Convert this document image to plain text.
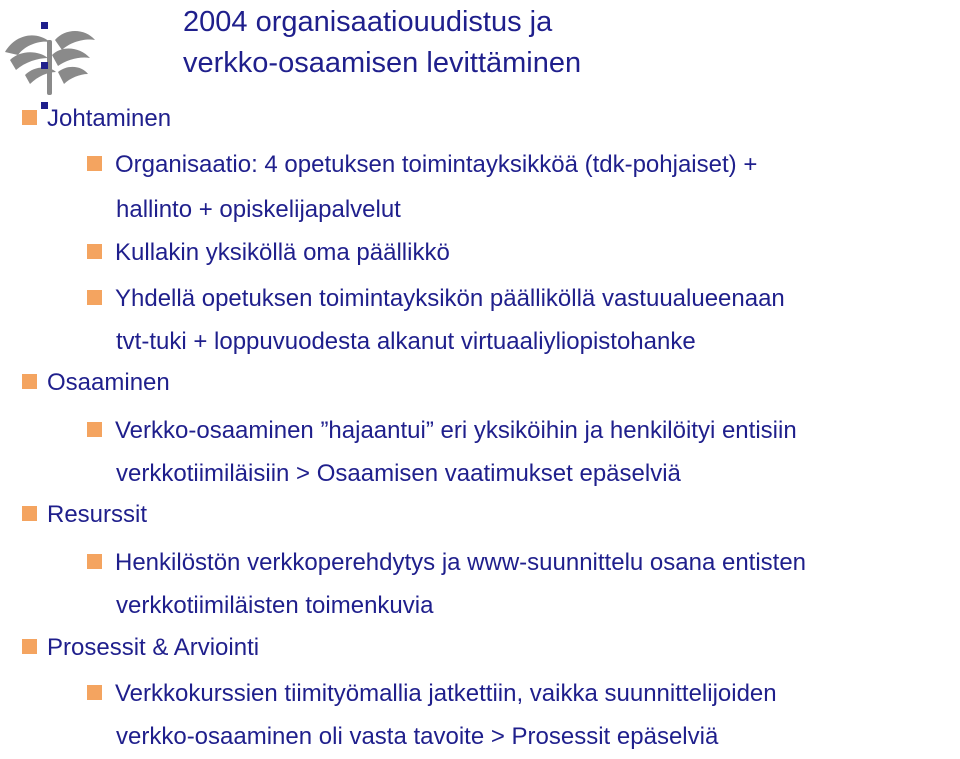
2004 organisaatiouudistus ja
verkko-osaamisen levittäminen
Johtaminen
Organisaatio: 4 opetuksen toimintayksikköä (tdk-pohjaiset) +
hallinto + opiskelijapalvelut
Kullakin yksiköllä oma päällikkö
Yhdellä opetuksen toimintayksikön päälliköllä vastuualueenaan
tvt-tuki + loppuvuodesta alkanut virtuaaliyliopistohanke
Osaaminen
Verkko-osaaminen ”hajaantui” eri yksiköihin ja henkilöityi entisiin
verkkotiimiläisiin > Osaamisen vaatimukset epäselviä
Resurssit
Henkilöstön verkkoperehdytys ja www-suunnittelu osana entisten
verkkotiimiläisten toimenkuvia
Prosessit & Arviointi
Verkkokurssien tiimityömallia jatkettiin, vaikka suunnittelijoiden
verkko-osaaminen oli vasta tavoite > Prosessit epäselviä
